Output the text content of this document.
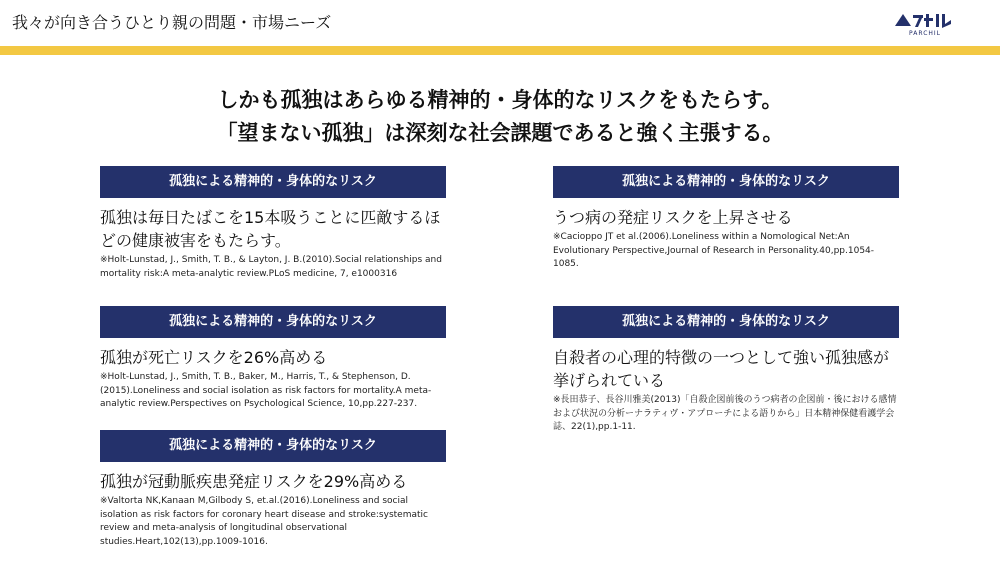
我々が向き合うひとり親の問題・市場ニーズ
PARCHIL
しかも孤独はあらゆる精神的・身体的なリスクをもたらす。
「望まない孤独」は深刻な社会課題であると強く主張する。
孤独による精神的・身体的なリスク
孤独は毎日たばこを15本吸うことに匹敵するほどの健康被害をもたらす。
※Holt-Lunstad, J., Smith, T. B., & Layton, J. B.(2010).Social relationships and mortality risk:A meta-analytic review.PLoS medicine, 7, e1000316
孤独による精神的・身体的なリスク
うつ病の発症リスクを上昇させる
※Cacioppo JT et al.(2006).Loneliness within a Nomological Net:An Evolutionary Perspective,Journal of Research in Personality.40,pp.1054-1085.
孤独による精神的・身体的なリスク
孤独が死亡リスクを26%高める
※Holt-Lunstad, J., Smith, T. B., Baker, M., Harris, T., & Stephenson, D.(2015).Loneliness and social isolation as risk factors for mortality.A meta-analytic review.Perspectives on Psychological Science, 10,pp.227-237.
孤独による精神的・身体的なリスク
自殺者の心理的特徴の一つとして強い孤独感が挙げられている
※長田恭子、長谷川雅美(2013)「自殺企図前後のうつ病者の企図前・後における感情および状況の分析ーナラティヴ・アプローチによる語りから」日本精神保健看護学会誌、22(1),pp.1-11.
孤独による精神的・身体的なリスク
孤独が冠動脈疾患発症リスクを29%高める
※Valtorta NK,Kanaan M,Gilbody S, et.al.(2016).Loneliness and social isolation as risk factors for coronary heart disease and stroke:systematic review and meta-analysis of longitudinal observational studies.Heart,102(13),pp.1009-1016.
